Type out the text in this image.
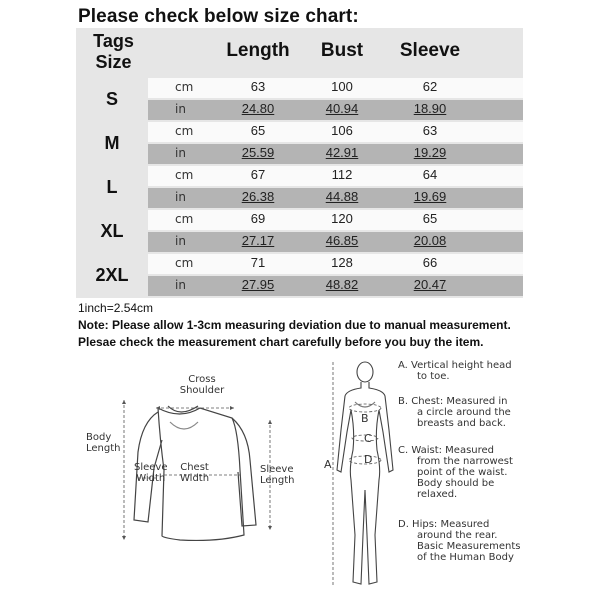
Please check below size chart:
Tags
Size
Length	Bust	Sleeve
S
cm	63	100	62
in	24.80	40.94	18.90
M
cm	65	106	63
in	25.59	42.91	19.29
L
cm	67	112	64
in	26.38	44.88	19.69
XL
cm	69	120	65
in	27.17	46.85	20.08
2XL
cm	71	128	66
in	27.95	48.82	20.47
1inch=2.54cm
Note: Please allow 1-3cm measuring deviation due to manual measurement.
Plesae check the measurement chart carefully before you buy the item.
Cross
Shoulder
Body
Length
Sleeve
Width
Chest
Width
Sleeve
Length
A
B
C
D
A. Vertical height head
to toe.
B. Chest: Measured in
a circle around the
breasts and back.
C. Waist: Measured
from the narrowest
point of the waist.
Body should be
relaxed.
D. Hips: Measured
around the rear.
Basic Measurements
of the Human Body
